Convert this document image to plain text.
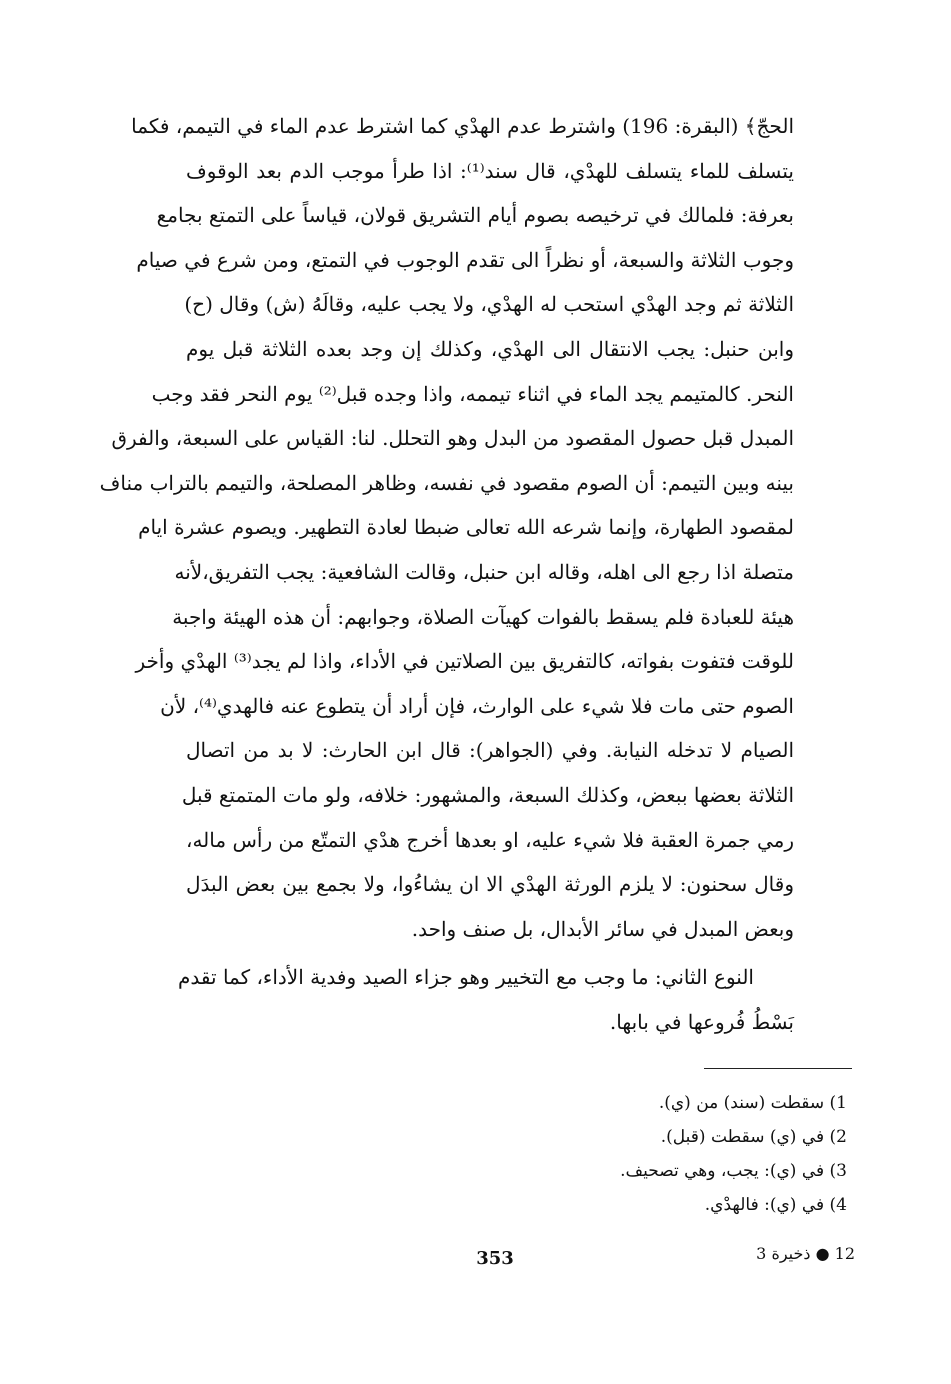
الحجّ﴾ (البقرة: 196) واشترط عدم الهدْي كما اشترط عدم الماء في التيمم، فكما
يتسلف للماء يتسلف للهدْي، قال سند⁽¹⁾: اذا طرأ موجب الدم بعد الوقوف
بعرفة: فلمالك في ترخيصه بصوم أيام التشريق قولان، قياساً على التمتع بجامع
وجوب الثلاثة والسبعة، أو نظراً الى تقدم الوجوب في التمتع، ومن شرع في صيام
الثلاثة ثم وجد الهدْي استحب له الهدْي، ولا يجب عليه، وقالَهُ (ش) وقال (ح)
وابن حنبل: يجب الانتقال الى الهدْي، وكذلك إن وجد بعده الثلاثة قبل يوم
النحر. كالمتيمم يجد الماء في اثناء تيممه، واذا وجده قبل⁽²⁾ يوم النحر فقد وجب
المبدل قبل حصول المقصود من البدل وهو التحلل. لنا: القياس على السبعة، والفرق
بينه وبين التيمم: أن الصوم مقصود في نفسه، وظاهر المصلحة، والتيمم بالتراب مناف
لمقصود الطهارة، وإنما شرعه الله تعالى ضبطا لعادة التطهير. ويصوم عشرة ايام
متصلة اذا رجع الى اهله، وقاله ابن حنبل، وقالت الشافعية: يجب التفريق،لأنه
هيئة للعبادة فلم يسقط بالفوات كهيآت الصلاة، وجوابهم: أن هذه الهيئة واجبة
للوقت فتفوت بفواته، كالتفريق بين الصلاتين في الأداء، واذا لم يجد⁽³⁾ الهدْي وأخر
الصوم حتى مات فلا شيء على الوارث، فإن أراد أن يتطوع عنه فالهدي⁽⁴⁾، لأن
الصيام لا تدخله النيابة. وفي (الجواهر): قال ابن الحارث: لا بد من اتصال
الثلاثة بعضها ببعض، وكذلك السبعة، والمشهور: خلافه، ولو مات المتمتع قبل
رمي جمرة العقبة فلا شيء عليه، او بعدها أخرج هدْي التمتّع من رأس ماله،
وقال سحنون: لا يلزم الورثة الهدْي الا ان يشاءُوا، ولا بجمع بين بعض البدَل
وبعض المبدل في سائر الأبدال، بل صنف واحد.
النوع الثاني: ما وجب مع التخيير وهو جزاء الصيد وفدية الأداء، كما تقدم
بَسْطُ فُروعها في بابها.
1) سقطت (سند) من (ي).
2) في (ي) سقطت (قبل).
3) في (ي): يجب، وهي تصحيف.
4) في (ي): فالهدْي.
353	12 ● ذخيرة 3
